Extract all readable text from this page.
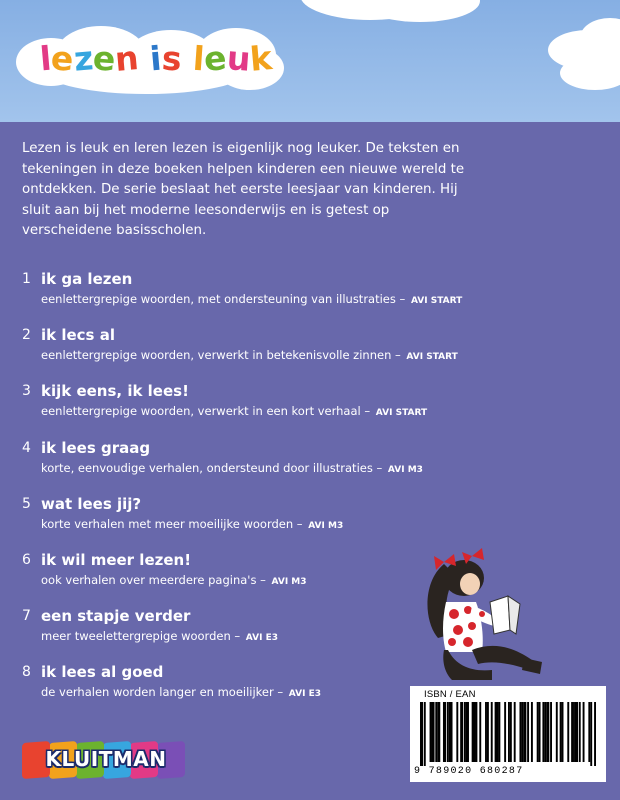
l
e
z
e
n
i
s
l
e
u
k
Lezen is leuk en leren lezen is eigenlijk nog leuker. De teksten en tekeningen in deze boeken helpen kinderen een nieuwe wereld te ontdekken. De serie beslaat het eerste leesjaar van kinderen. Hij sluit aan bij het moderne leesonderwijs en is getest op verscheidene basisscholen.
1 ik ga lezen
eenlettergrepige woorden, met ondersteuning van illustraties – AVI START
2 ik lecs al
eenlettergrepige woorden, verwerkt in betekenisvolle zinnen – AVI START
3 kijk eens, ik lees!
eenlettergrepige woorden, verwerkt in een kort verhaal – AVI START
4 ik lees graag
korte, eenvoudige verhalen, ondersteund door illustraties – AVI M3
5 wat lees jij?
korte verhalen met meer moeilijke woorden – AVI M3
6 ik wil meer lezen!
ook verhalen over meerdere pagina's – AVI M3
7 een stapje verder
meer tweelettergrepige woorden – AVI E3
8 ik lees al goed
de verhalen worden langer en moeilijker – AVI E3	ISBN / EAN
9 789020 680287
KLUITMAN
